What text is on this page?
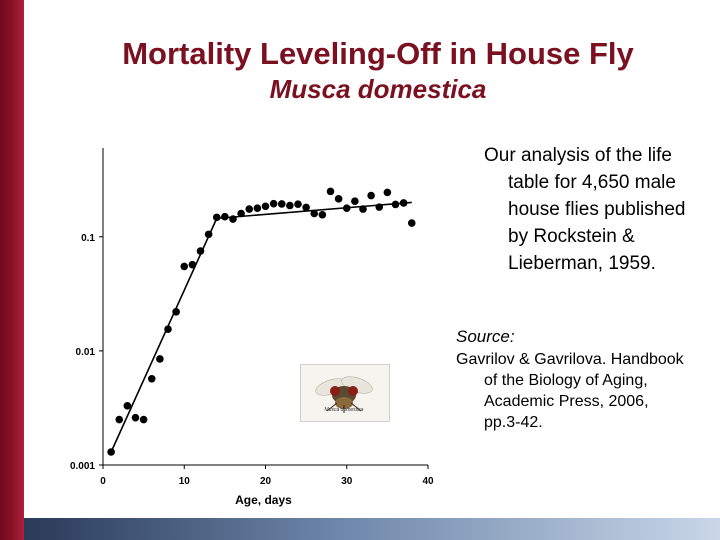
Mortality Leveling-Off in House Fly
Musca domestica
0	10	20	30	40
0.001
0.01
0.1
Age, days
Musca domestica
Our analysis of the life table for 4,650 male house flies published by Rockstein & Lieberman, 1959.
Source:
Gavrilov & Gavrilova. Handbook of the Biology of Aging, Academic Press, 2006, pp.3-42.
